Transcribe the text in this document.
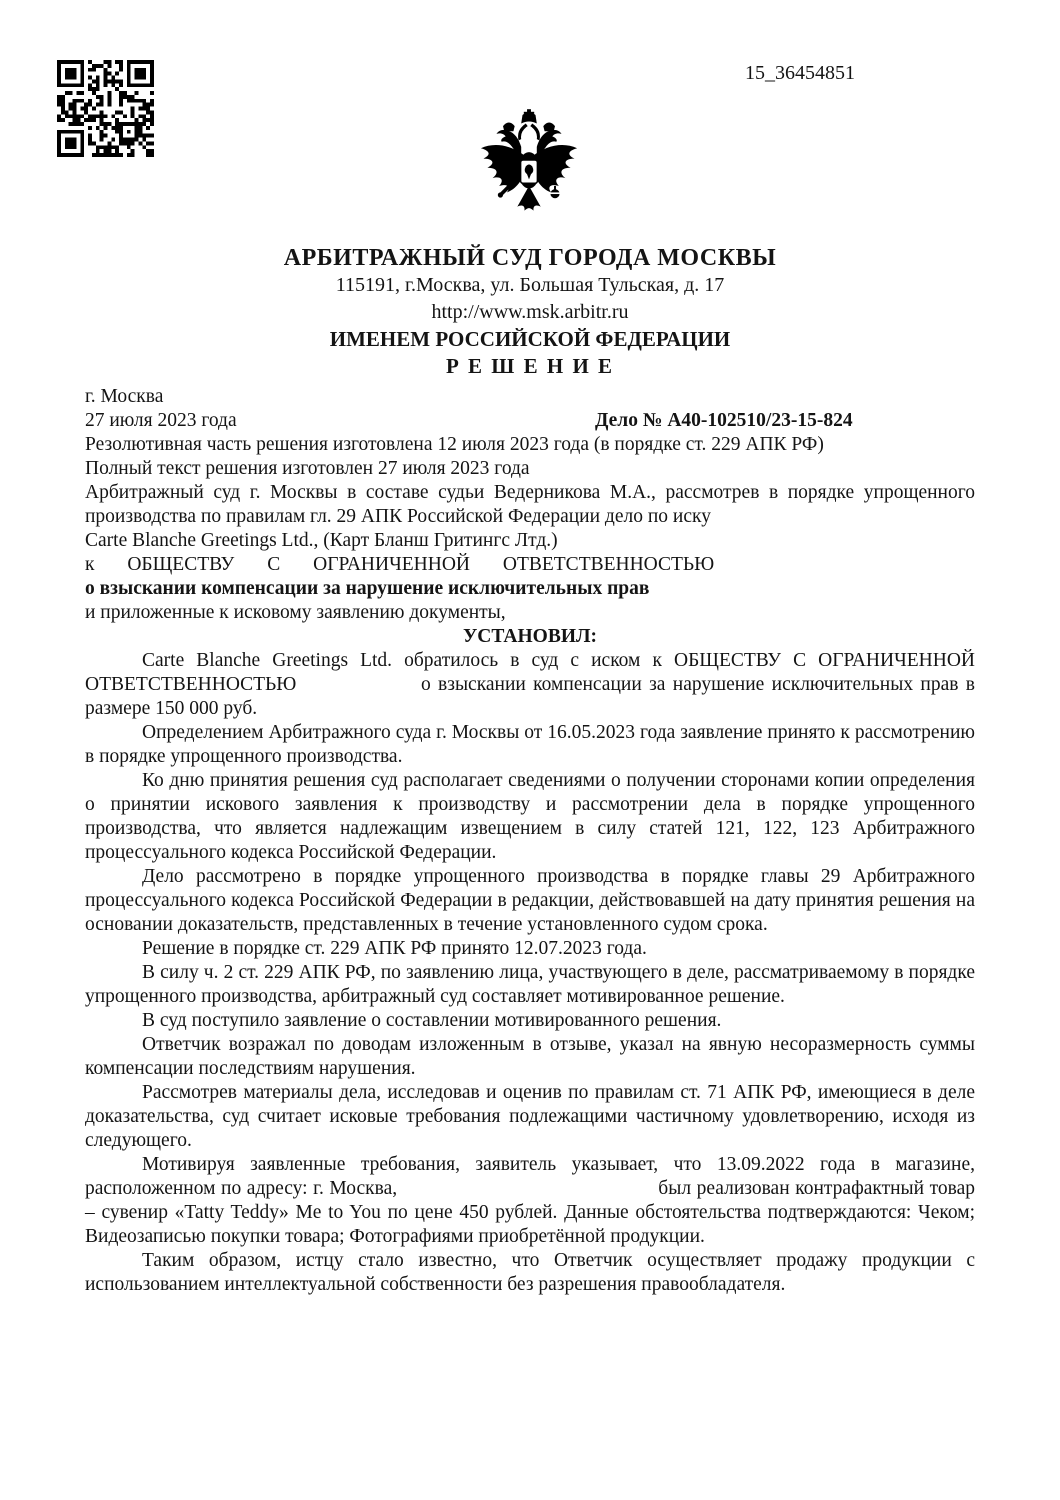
15_36454851
АРБИТРАЖНЫЙ СУД ГОРОДА МОСКВЫ
115191, г.Москва, ул. Большая Тульская, д. 17
http://www.msk.arbitr.ru
ИМЕНЕМ РОССИЙСКОЙ ФЕДЕРАЦИИ
Р Е Ш Е Н И Е
г. Москва
27 июля 2023 года	Дело № А40-102510/23-15-824

Резолютивная часть решения изготовлена 12 июля 2023 года (в порядке ст. 229 АПК РФ)

Полный текст решения изготовлен 27 июля 2023 года

Арбитражный суд г. Москвы в составе судьи Ведерникова М.А., рассмотрев в порядке упрощенного производства по правилам гл. 29 АПК Российской Федерации дело по иску

Carte Blanche Greetings Ltd., (Карт Бланш Гритингс Лтд.)

к ОБЩЕСТВУ С ОГРАНИЧЕННОЙ ОТВЕТСТВЕННОСТЬЮ

о взыскании компенсации за нарушение исключительных прав

и приложенные к исковому заявлению документы,

УСТАНОВИЛ:

Carte Blanche Greetings Ltd. обратилось в суд с иском к ОБЩЕСТВУ С ОГРАНИЧЕННОЙ ОТВЕТСТВЕННОСТЬЮ	о взыскании компенсации за нарушение исключительных прав в размере 150 000 руб.

Определением Арбитражного суда г. Москвы от 16.05.2023 года заявление принято к рассмотрению в порядке упрощенного производства.

Ко дню принятия решения суд располагает сведениями о получении сторонами копии определения о принятии искового заявления к производству и рассмотрении дела в порядке упрощенного производства, что является надлежащим извещением в силу статей 121, 122, 123 Арбитражного процессуального кодекса Российской Федерации.

Дело рассмотрено в порядке упрощенного производства в порядке главы 29 Арбитражного процессуального кодекса Российской Федерации в редакции, действовавшей на дату принятия решения на основании доказательств, представленных в течение установленного судом срока.

Решение в порядке ст. 229 АПК РФ принято 12.07.2023 года.

В силу ч. 2 ст. 229 АПК РФ, по заявлению лица, участвующего в деле, рассматриваемому в порядке упрощенного производства, арбитражный суд составляет мотивированное решение.

В суд поступило заявление о составлении мотивированного решения.

Ответчик возражал по доводам изложенным в отзыве, указал на явную несоразмерность суммы компенсации последствиям нарушения.

Рассмотрев материалы дела, исследовав и оценив по правилам ст. 71 АПК РФ, имеющиеся в деле доказательства, суд считает исковые требования подлежащими частичному удовлетворению, исходя из следующего.

Мотивируя заявленные требования, заявитель указывает, что 13.09.2022 года в магазине, расположенном по адресу: г. Москва,	был реализован контрафактный товар – сувенир «Tatty Teddy» Me to You по цене 450 рублей. Данные обстоятельства подтверждаются: Чеком; Видеозаписью покупки товара; Фотографиями приобретённой продукции.

Таким образом, истцу стало известно, что Ответчик осуществляет продажу продукции с использованием интеллектуальной собственности без разрешения правообладателя.
